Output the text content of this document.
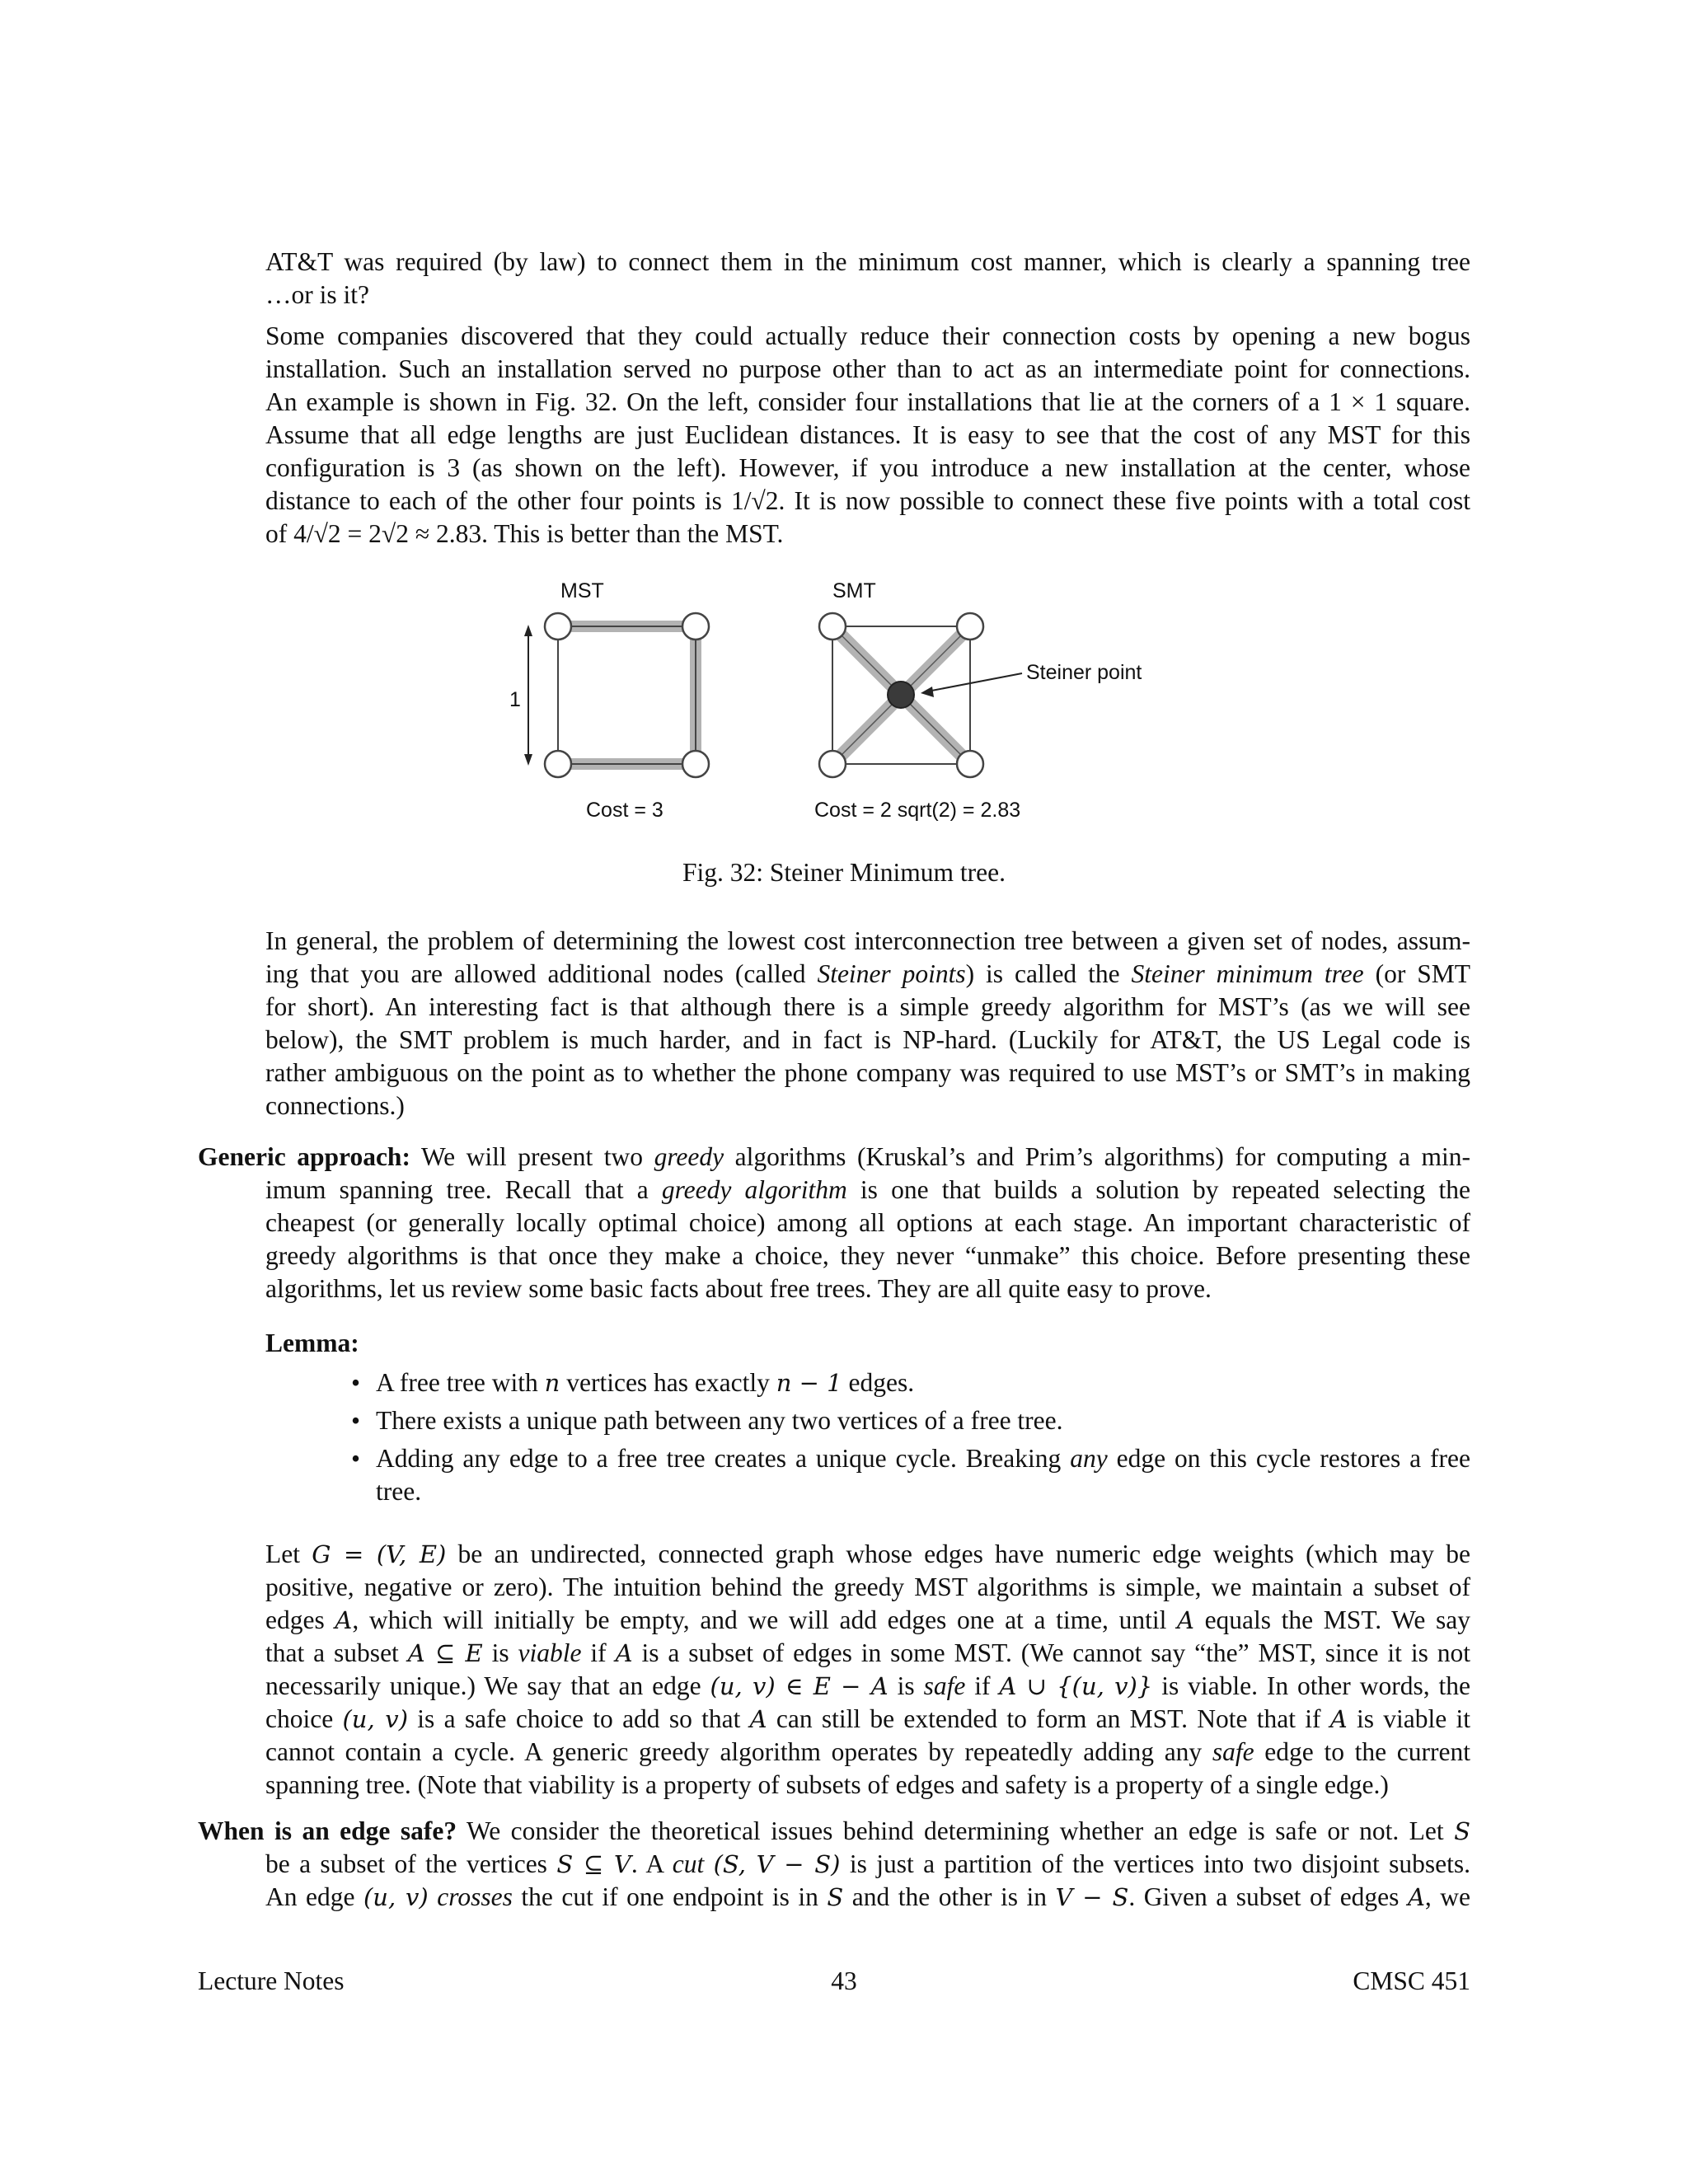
AT&T was required (by law) to connect them in the minimum cost manner, which is clearly a spanning tree
…or is it?

Some companies discovered that they could actually reduce their connection costs by opening a new bogus
installation. Such an installation served no purpose other than to act as an intermediate point for connections.
An example is shown in Fig. 32. On the left, consider four installations that lie at the corners of a 1 × 1 square.
Assume that all edge lengths are just Euclidean distances. It is easy to see that the cost of any MST for this
configuration is 3 (as shown on the left). However, if you introduce a new installation at the center, whose
distance to each of the other four points is 1/√2. It is now possible to connect these five points with a total cost
of 4/√2 = 2√2 ≈ 2.83. This is better than the MST.

MST	SMT
1
Steiner point
Cost = 3	Cost = 2 sqrt(2) = 2.83
Fig. 32: Steiner Minimum tree.

In general, the problem of determining the lowest cost interconnection tree between a given set of nodes, assum-
ing that you are allowed additional nodes (called Steiner points) is called the Steiner minimum tree (or SMT
for short). An interesting fact is that although there is a simple greedy algorithm for MST’s (as we will see
below), the SMT problem is much harder, and in fact is NP-hard. (Luckily for AT&T, the US Legal code is
rather ambiguous on the point as to whether the phone company was required to use MST’s or SMT’s in making
connections.)

Generic approach: We will present two greedy algorithms (Kruskal’s and Prim’s algorithms) for computing a min-
imum spanning tree. Recall that a greedy algorithm is one that builds a solution by repeated selecting the
cheapest (or generally locally optimal choice) among all options at each stage. An important characteristic of
greedy algorithms is that once they make a choice, they never “unmake” this choice. Before presenting these
algorithms, let us review some basic facts about free trees. They are all quite easy to prove.

Lemma:
• A free tree with n vertices has exactly n − 1 edges.
• There exists a unique path between any two vertices of a free tree.
• Adding any edge to a free tree creates a unique cycle. Breaking any edge on this cycle restores a free
tree.

Let G = (V, E) be an undirected, connected graph whose edges have numeric edge weights (which may be
positive, negative or zero). The intuition behind the greedy MST algorithms is simple, we maintain a subset of
edges A, which will initially be empty, and we will add edges one at a time, until A equals the MST. We say
that a subset A ⊆ E is viable if A is a subset of edges in some MST. (We cannot say “the” MST, since it is not
necessarily unique.) We say that an edge (u, v) ∈ E − A is safe if A ∪ {(u, v)} is viable. In other words, the
choice (u, v) is a safe choice to add so that A can still be extended to form an MST. Note that if A is viable it
cannot contain a cycle. A generic greedy algorithm operates by repeatedly adding any safe edge to the current
spanning tree. (Note that viability is a property of subsets of edges and safety is a property of a single edge.)

When is an edge safe? We consider the theoretical issues behind determining whether an edge is safe or not. Let S
be a subset of the vertices S ⊆ V. A cut (S, V − S) is just a partition of the vertices into two disjoint subsets.
An edge (u, v) crosses the cut if one endpoint is in S and the other is in V − S. Given a subset of edges A, we

Lecture Notes	43	CMSC 451
